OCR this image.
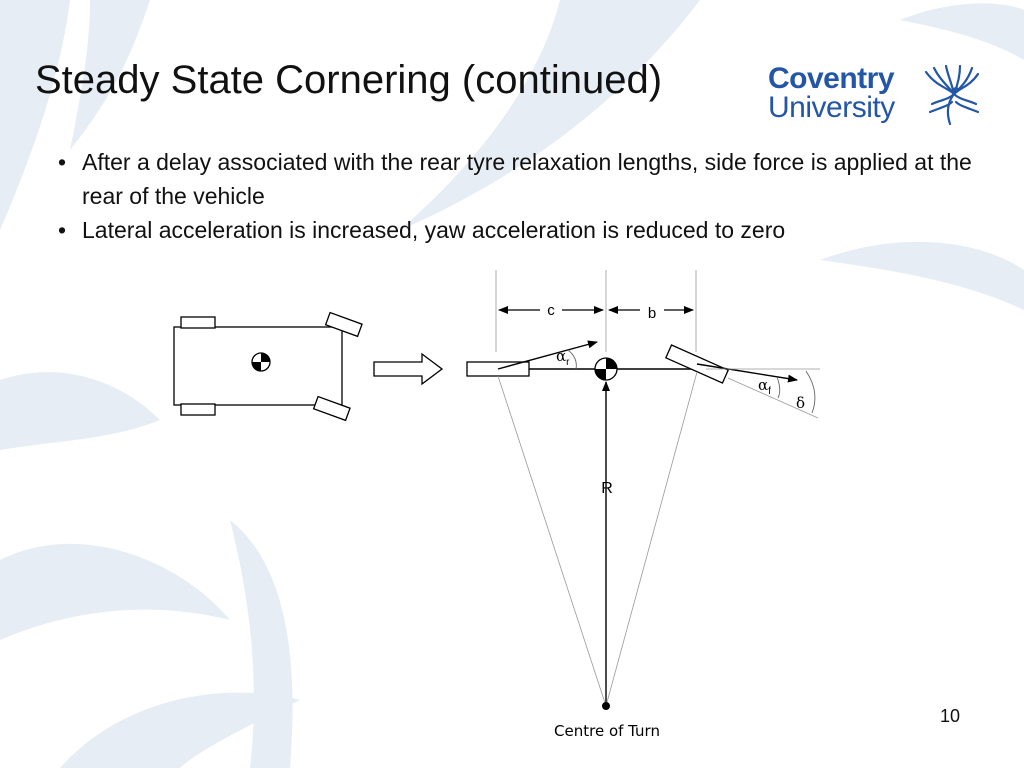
Steady State Cornering (continued)	Coventry
University
• After a delay associated with the rear tyre relaxation lengths, side force is applied at the rear of the vehicle
• Lateral acceleration is increased, yaw acceleration is reduced to zero
c	b
$\alpha_r$
$\alpha_f$
δ
R
Centre of Turn
10
